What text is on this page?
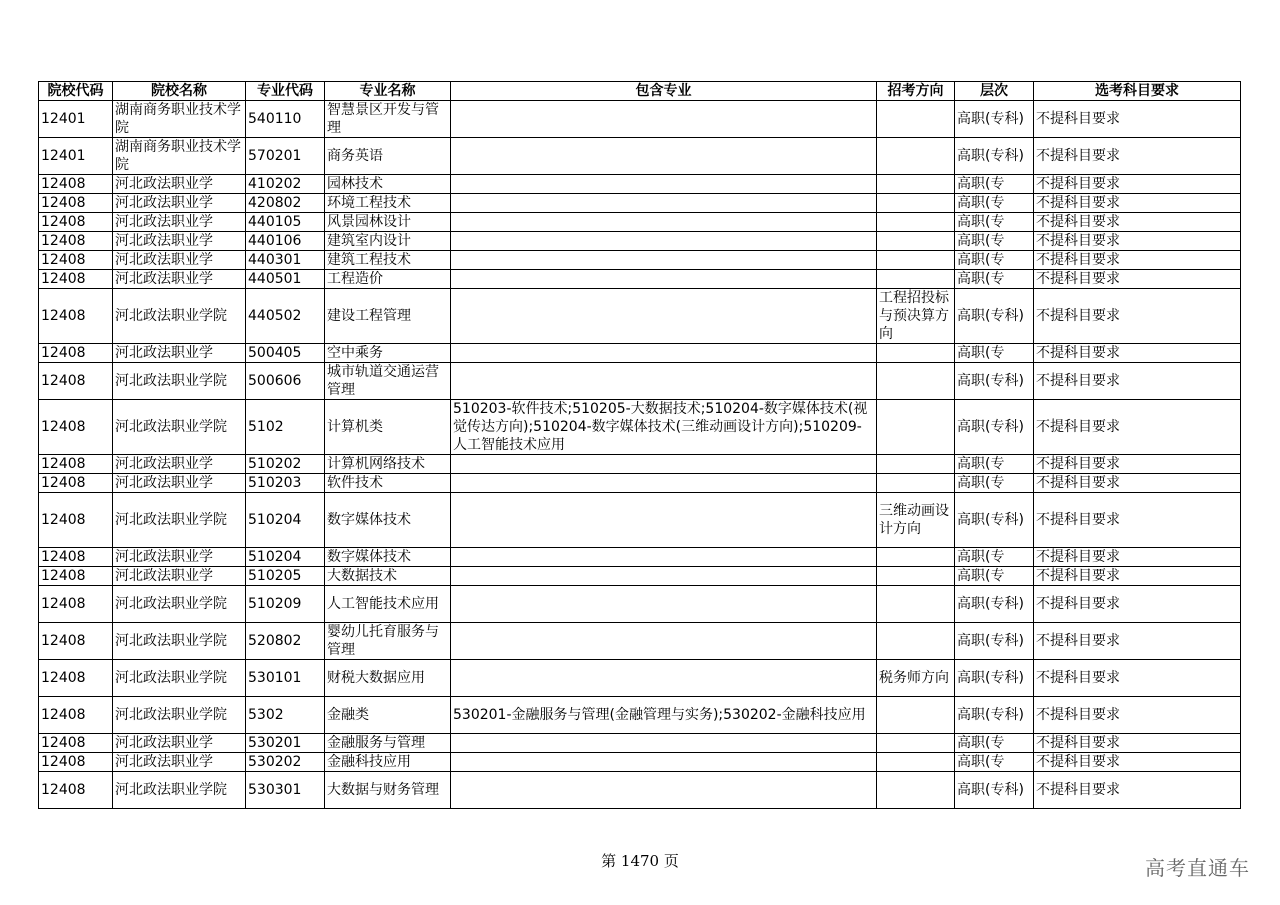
院校代码	院校名称	专业代码	专业名称	包含专业	招考方向	层次	选考科目要求
12401	湖南商务职业技术学院	540110	智慧景区开发与管理			高职(专科)	不提科目要求
12401	湖南商务职业技术学院	570201	商务英语			高职(专科)	不提科目要求
12408	河北政法职业学	410202	园林技术			高职(专	不提科目要求
12408	河北政法职业学	420802	环境工程技术			高职(专	不提科目要求
12408	河北政法职业学	440105	风景园林设计			高职(专	不提科目要求
12408	河北政法职业学	440106	建筑室内设计			高职(专	不提科目要求
12408	河北政法职业学	440301	建筑工程技术			高职(专	不提科目要求
12408	河北政法职业学	440501	工程造价			高职(专	不提科目要求
12408	河北政法职业学院	440502	建设工程管理		工程招投标与预决算方向	高职(专科)	不提科目要求
12408	河北政法职业学	500405	空中乘务			高职(专	不提科目要求
12408	河北政法职业学院	500606	城市轨道交通运营管理			高职(专科)	不提科目要求
12408	河北政法职业学院	5102	计算机类	510203-软件技术;510205-大数据技术;510204-数字媒体技术(视觉传达方向);510204-数字媒体技术(三维动画设计方向);510209-人工智能技术应用		高职(专科)	不提科目要求
12408	河北政法职业学	510202	计算机网络技术			高职(专	不提科目要求
12408	河北政法职业学	510203	软件技术			高职(专	不提科目要求
12408	河北政法职业学院	510204	数字媒体技术		三维动画设计方向	高职(专科)	不提科目要求
12408	河北政法职业学	510204	数字媒体技术			高职(专	不提科目要求
12408	河北政法职业学	510205	大数据技术			高职(专	不提科目要求
12408	河北政法职业学院	510209	人工智能技术应用			高职(专科)	不提科目要求
12408	河北政法职业学院	520802	婴幼儿托育服务与管理			高职(专科)	不提科目要求
12408	河北政法职业学院	530101	财税大数据应用		税务师方向	高职(专科)	不提科目要求
12408	河北政法职业学院	5302	金融类	530201-金融服务与管理(金融管理与实务);530202-金融科技应用		高职(专科)	不提科目要求
12408	河北政法职业学	530201	金融服务与管理			高职(专	不提科目要求
12408	河北政法职业学	530202	金融科技应用			高职(专	不提科目要求
12408	河北政法职业学院	530301	大数据与财务管理			高职(专科)	不提科目要求
第 1470 页	高考直通车
